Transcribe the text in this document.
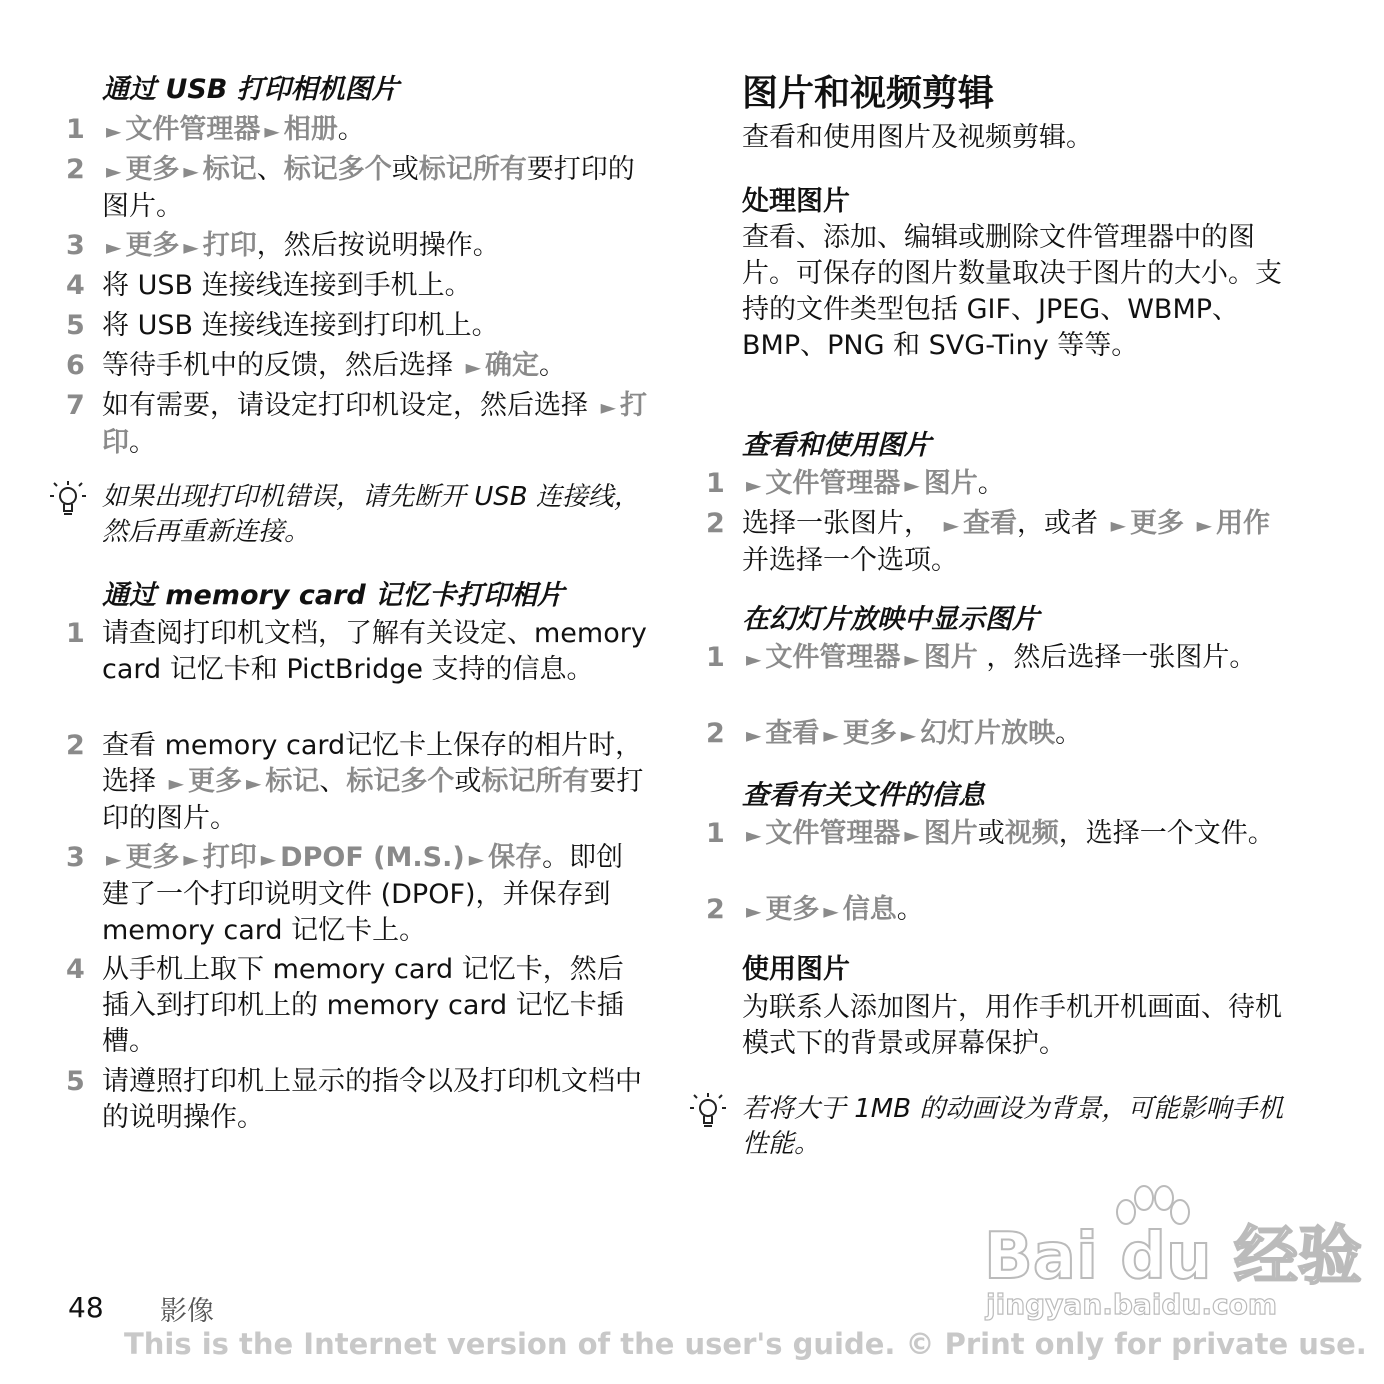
通过 USB 打印相机图片
1 ► 文件管理器 ► 相册。
2 ► 更多 ► 标记、标记多个或标记所有要打印的图片。
3 ► 更多 ► 打印，然后按说明操作。
4 将 USB 连接线连接到手机上。
5 将 USB 连接线连接到打印机上。
6 等待手机中的反馈，然后选择 ► 确定。
7 如有需要，请设定打印机设定，然后选择 ► 打印。
如果出现打印机错误，请先断开 USB 连接线，然后再重新连接。
通过 memory card 记忆卡打印相片
1 请查阅打印机文档，了解有关设定、memory card 记忆卡和 PictBridge 支持的信息。
2 查看 memory card记忆卡上保存的相片时，选择 ► 更多 ► 标记、标记多个或标记所有要打印的图片。
3 ► 更多 ► 打印 ► DPOF (M.S.) ► 保存。即创建了一个打印说明文件 (DPOF)，并保存到 memory card 记忆卡上。
4 从手机上取下 memory card 记忆卡，然后插入到打印机上的 memory card 记忆卡插槽。
5 请遵照打印机上显示的指令以及打印机文档中的说明操作。
图片和视频剪辑
查看和使用图片及视频剪辑。
处理图片
查看、添加、编辑或删除文件管理器中的图片。可保存的图片数量取决于图片的大小。支持的文件类型包括 GIF、JPEG、WBMP、BMP、PNG 和 SVG-Tiny 等等。
查看和使用图片
1 ► 文件管理器 ► 图片。
2 选择一张图片， ► 查看，或者 ► 更多 ► 用作并选择一个选项。
在幻灯片放映中显示图片
1 ► 文件管理器 ► 图片 ，然后选择一张图片。
2 ► 查看 ► 更多 ► 幻灯片放映。
查看有关文件的信息
1 ► 文件管理器 ► 图片或视频，选择一个文件。
2 ► 更多 ► 信息。
使用图片
为联系人添加图片，用作手机开机画面、待机模式下的背景或屏幕保护。
若将大于 1MB 的动画设为背景，可能影响手机性能。
Bai du 经验
jingyan.baidu.com
48 影像
This is the Internet version of the user's guide. © Print only for private use.
